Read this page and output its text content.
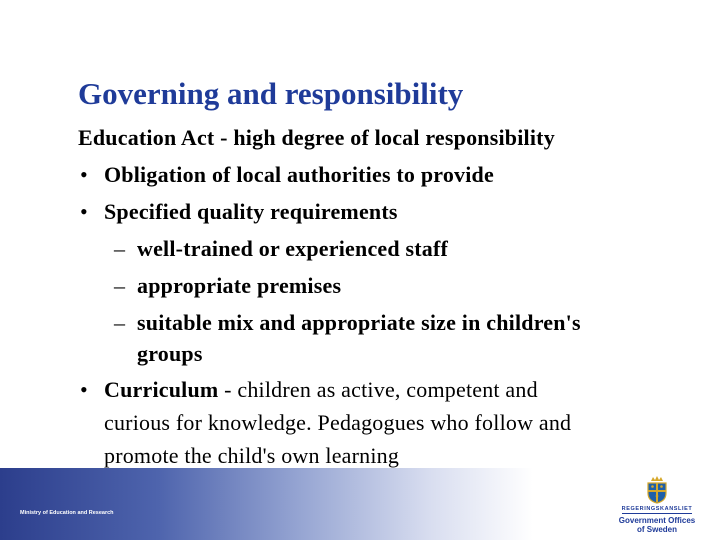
Governing and responsibility
Education Act - high degree of local responsibility
• Obligation of local authorities to provide
• Specified quality requirements
– well-trained or experienced staff
– appropriate premises
– suitable mix and appropriate size in children's
groups
• Curriculum - children as active, competent and
curious for knowledge. Pedagogues who follow and
promote the child's own learning
Ministry of Education and Research
REGERINGSKANSLIET
Government Offices
of Sweden
